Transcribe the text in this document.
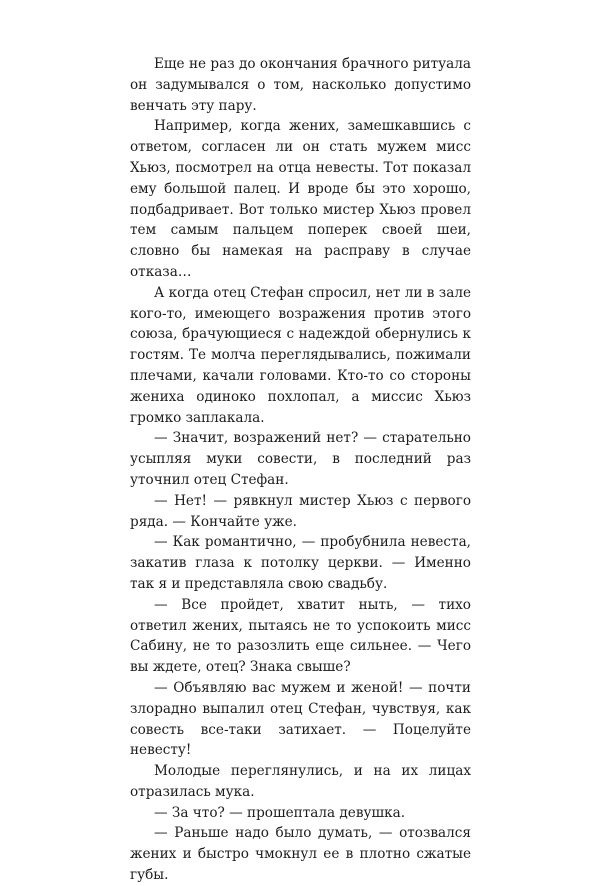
Еще не раз до окончания брачного ритуала он задумывался о том, насколько допустимо венчать эту пару.

Например, когда жених, замешкавшись с ответом, согласен ли он стать мужем мисс Хьюз, посмотрел на отца невесты. Тот показал ему большой палец. И вроде бы это хорошо, подбадривает. Вот только мистер Хьюз провел тем самым пальцем поперек своей шеи, словно бы намекая на расправу в случае отказа…

А когда отец Стефан спросил, нет ли в зале кого-то, имеющего возражения против этого союза, брачующиеся с надеждой обернулись к гостям. Те молча переглядывались, пожимали плечами, качали головами. Кто-то со стороны жениха одиноко похлопал, а миссис Хьюз громко заплакала.

— Значит, возражений нет? — старательно усыпляя муки совести, в последний раз уточнил отец Стефан.

— Нет! — рявкнул мистер Хьюз с первого ряда. — Кончайте уже.

— Как романтично, — пробубнила невеста, закатив глаза к потолку церкви. — Именно так я и представляла свою свадьбу.

— Все пройдет, хватит ныть, — тихо ответил жених, пытаясь не то успокоить мисс Сабину, не то разозлить еще сильнее. — Чего вы ждете, отец? Знака свыше?

— Объявляю вас мужем и женой! — почти злорадно выпалил отец Стефан, чувствуя, как совесть все-таки затихает. — Поцелуйте невесту!

Молодые переглянулись, и на их лицах отразилась мука.

— За что? — прошептала девушка.

— Раньше надо было думать, — отозвался жених и быстро чмокнул ее в плотно сжатые губы.
